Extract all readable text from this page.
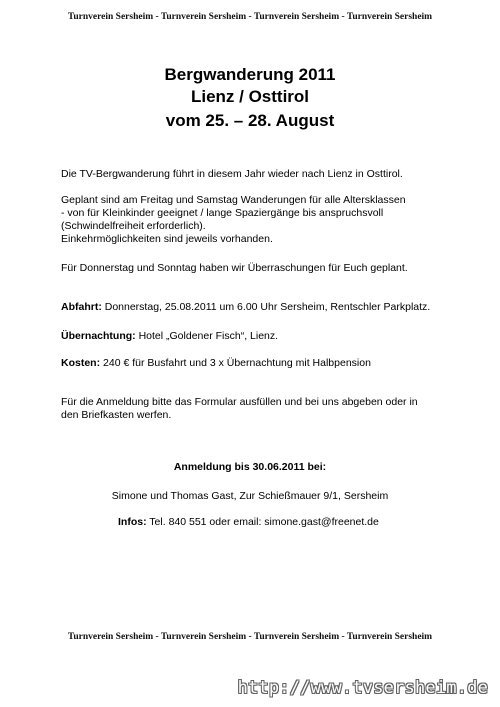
Turnverein Sersheim - Turnverein Sersheim - Turnverein Sersheim - Turnverein Sersheim
Bergwanderung 2011
Lienz / Osttirol
vom 25. – 28. August
Die TV-Bergwanderung führt in diesem Jahr wieder nach Lienz in Osttirol.
Geplant sind am Freitag und Samstag Wanderungen für alle Altersklassen
- von für Kleinkinder geeignet / lange Spaziergänge bis anspruchsvoll
(Schwindelfreiheit erforderlich).
Einkehrmöglichkeiten sind jeweils vorhanden.
Für Donnerstag und Sonntag haben wir Überraschungen für Euch geplant.
Abfahrt: Donnerstag, 25.08.2011 um 6.00 Uhr Sersheim, Rentschler Parkplatz.
Übernachtung: Hotel „Goldener Fisch“, Lienz.
Kosten: 240 € für Busfahrt und 3 x Übernachtung mit Halbpension
Für die Anmeldung bitte das Formular ausfüllen und bei uns abgeben oder in
den Briefkasten werfen.
Anmeldung bis 30.06.2011 bei:
Simone und Thomas Gast, Zur Schießmauer 9/1, Sersheim
Infos: Tel. 840 551 oder email: simone.gast@freenet.de
Turnverein Sersheim - Turnverein Sersheim - Turnverein Sersheim - Turnverein Sersheim
http://www.tvsersheim.de
